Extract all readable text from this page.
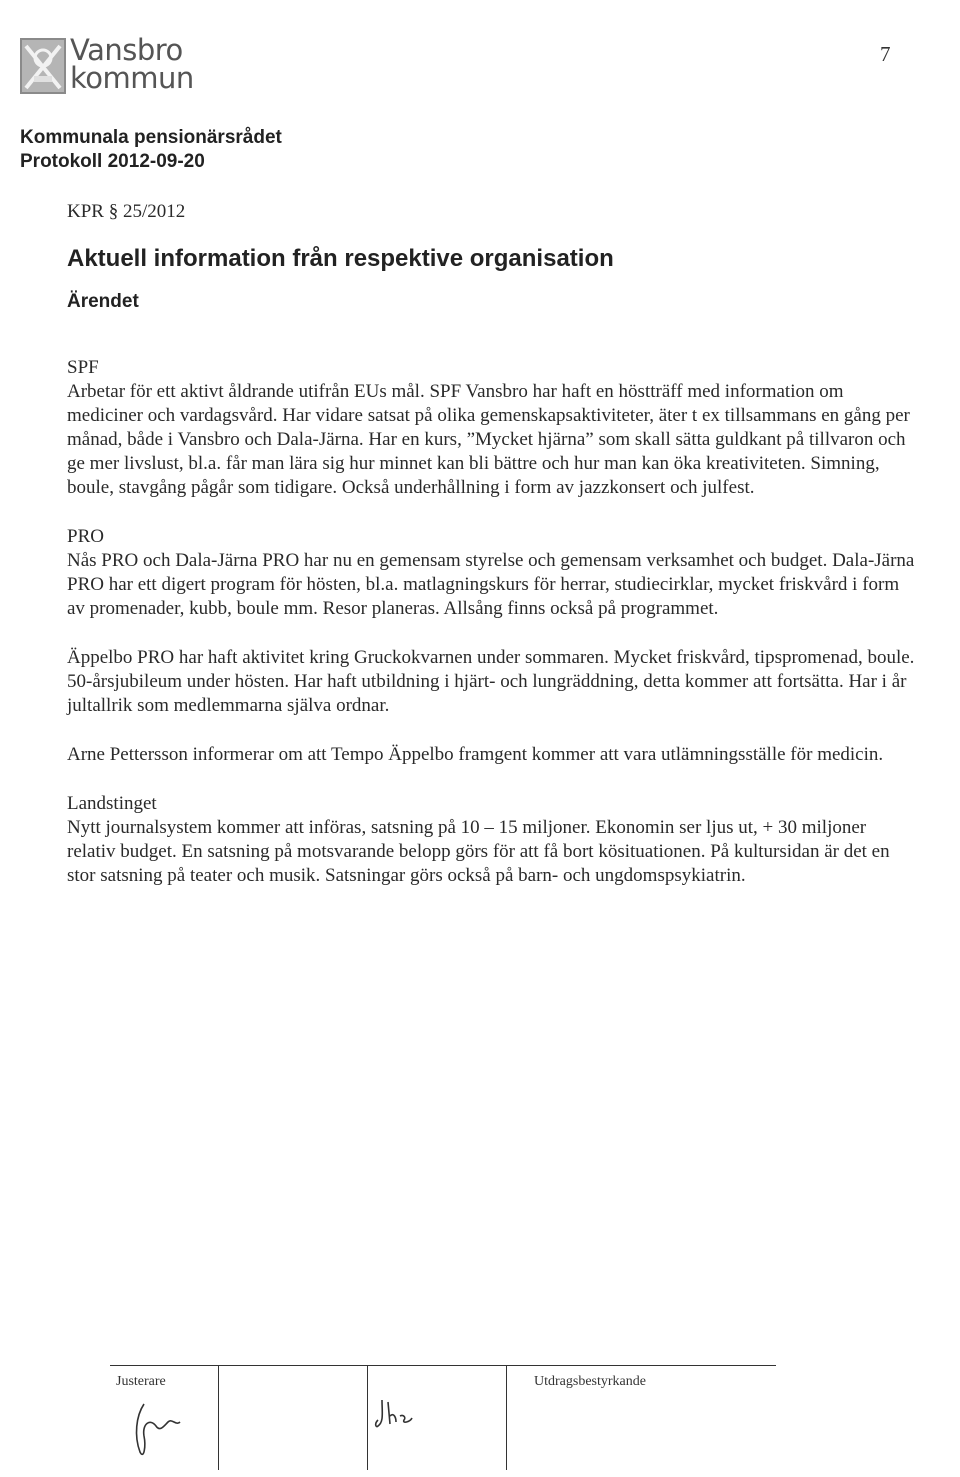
Vansbro
kommun
7
Kommunala pensionärsrådet
Protokoll 2012-09-20
KPR § 25/2012
Aktuell information från respektive organisation
Ärendet

SPF

Arbetar för ett aktivt åldrande utifrån EUs mål. SPF Vansbro har haft en höstträff med information om mediciner och vardagsvård. Har vidare satsat på olika gemenskapsaktiviteter, äter t ex tillsammans en gång per månad, både i Vansbro och Dala-Järna. Har en kurs, ”Mycket hjärna” som skall sätta guldkant på tillvaron och ge mer livslust, bl.a. får man lära sig hur minnet kan bli bättre och hur man kan öka kreativiteten. Simning, boule, stavgång pågår som tidigare. Också underhållning i form av jazzkonsert och julfest.

PRO

Nås PRO och Dala-Järna PRO har nu en gemensam styrelse och gemensam verksamhet och budget. Dala-Järna PRO har ett digert program för hösten, bl.a. matlagningskurs för herrar, studiecirklar, mycket friskvård i form av promenader, kubb, boule mm. Resor planeras. Allsång finns också på programmet.

Äppelbo PRO har haft aktivitet kring Gruckokvarnen under sommaren. Mycket friskvård, tipspromenad, boule. 50-årsjubileum under hösten. Har haft utbildning i hjärt- och lungräddning, detta kommer att fortsätta. Har i år jultallrik som medlemmarna själva ordnar.

Arne Pettersson informerar om att Tempo Äppelbo framgent kommer att vara utlämningsställe för medicin.

Landstinget

Nytt journalsystem kommer att införas, satsning på 10 – 15 miljoner. Ekonomin ser ljus ut, + 30 miljoner relativ budget. En satsning på motsvarande belopp görs för att få bort kösituationen. På kultursidan är det en stor satsning på teater och musik. Satsningar görs också på barn- och ungdomspsykiatrin.

Justerare	Utdragsbestyrkande
